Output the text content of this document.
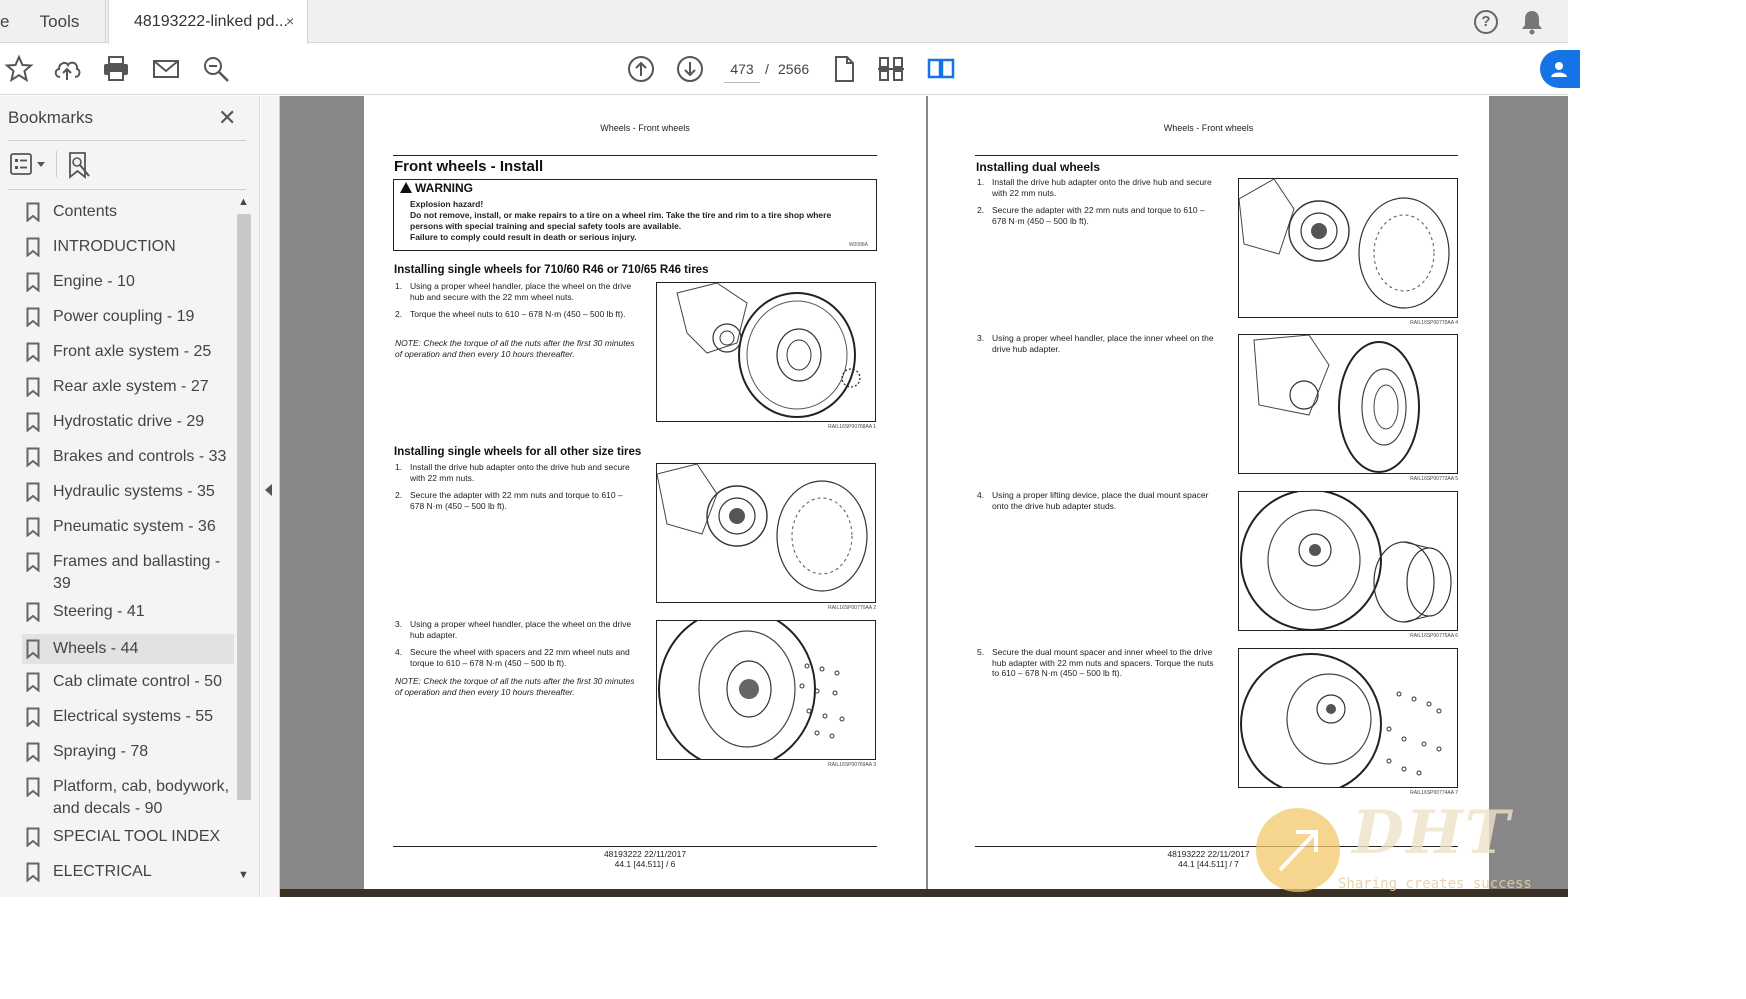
e	Tools	48193222-linked pd...
×	?
473 / 2566
Bookmarks	✕
Contents
INTRODUCTION
Engine - 10
Power coupling - 19
Front axle system - 25
Rear axle system - 27
Hydrostatic drive - 29
Brakes and controls - 33
Hydraulic systems - 35
Pneumatic system - 36
Frames and ballasting - 39
Steering - 41
Wheels - 44
Cab climate control - 50
Electrical systems - 55
Spraying - 78
Platform, cab, bodywork, and decals - 90
SPECIAL TOOL INDEX
ELECTRICAL
▲
▼
Wheels - Front wheels
Front wheels - Install
WARNING
Explosion hazard!
Do not remove, install, or make repairs to a tire on a wheel rim. Take the tire and rim to a tire shop where persons with special training and special safety tools are available.
Failure to comply could result in death or serious injury.
W0088A
Installing single wheels for 710/60 R46 or 710/65 R46 tires
1. Using a proper wheel handler, place the wheel on the drive hub and secure with the 22 mm wheel nuts.
2. Torque the wheel nuts to 610 – 678 N·m (450 – 500 lb ft).
NOTE: Check the torque of all the nuts after the first 30 minutes of operation and then every 10 hours thereafter.
RAIL16SP00768AA 1
Installing single wheels for all other size tires
1. Install the drive hub adapter onto the drive hub and secure with 22 mm nuts.
2. Secure the adapter with 22 mm nuts and torque to 610 – 678 N·m (450 – 500 lb ft).
RAIL16SP00770AA 2
3. Using a proper wheel handler, place the wheel on the drive hub adapter.
4. Secure the wheel with spacers and 22 mm wheel nuts and torque to 610 – 678 N·m (450 – 500 lb ft).
NOTE: Check the torque of all the nuts after the first 30 minutes of operation and then every 10 hours thereafter.
RAIL16SP00769AA 3
48193222 22/11/2017
44.1 [44.511] / 6
Wheels - Front wheels
Installing dual wheels
1. Install the drive hub adapter onto the drive hub and secure with 22 mm nuts.
2. Secure the adapter with 22 mm nuts and torque to 610 – 678 N·m (450 – 500 lb ft).
RAIL16SP00770AA 4
3. Using a proper wheel handler, place the inner wheel on the drive hub adapter.
RAIL16SP00773AA 5
4. Using a proper lifting device, place the dual mount spacer onto the drive hub adapter studs.
RAIL16SP00775AA 6
5. Secure the dual mount spacer and inner wheel to the drive hub adapter with 22 mm nuts and spacers. Torque the nuts to 610 – 678 N·m (450 – 500 lb ft).
RAIL16SP00774AA 7
48193222 22/11/2017
44.1 [44.511] / 7	DHT
Sharing creates success
